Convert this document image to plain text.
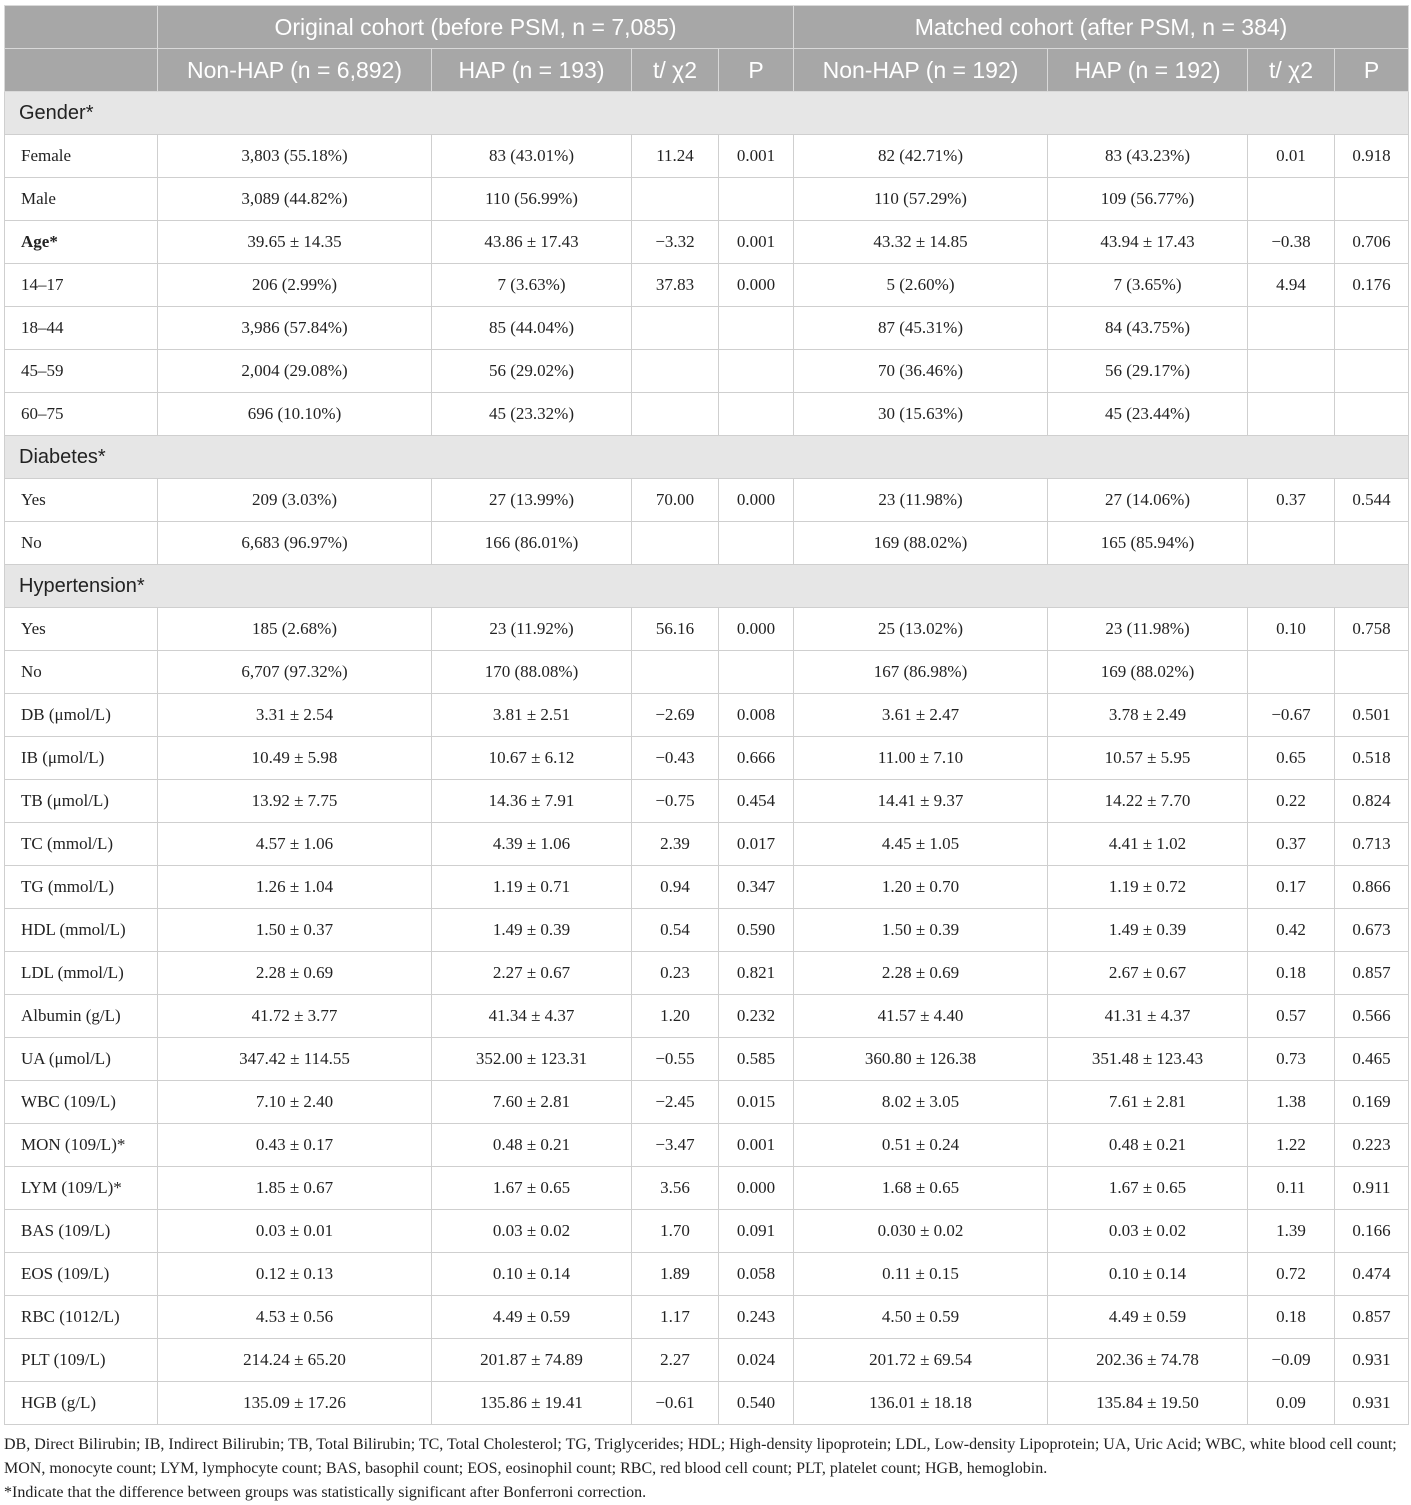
	Original cohort (before PSM, n = 7,085)				Matched cohort (after PSM, n = 384)			
	Non-HAP (n = 6,892)	HAP (n = 193)	t/ χ2	P	Non-HAP (n = 192)	HAP (n = 192)	t/ χ2	P
Gender*								
Female	3,803 (55.18%)	83 (43.01%)	11.24	0.001	82 (42.71%)	83 (43.23%)	0.01	0.918
Male	3,089 (44.82%)	110 (56.99%)			110 (57.29%)	109 (56.77%)		
Age*	39.65 ± 14.35	43.86 ± 17.43	−3.32	0.001	43.32 ± 14.85	43.94 ± 17.43	−0.38	0.706
14–17	206 (2.99%)	7 (3.63%)	37.83	0.000	5 (2.60%)	7 (3.65%)	4.94	0.176
18–44	3,986 (57.84%)	85 (44.04%)			87 (45.31%)	84 (43.75%)		
45–59	2,004 (29.08%)	56 (29.02%)			70 (36.46%)	56 (29.17%)		
60–75	696 (10.10%)	45 (23.32%)			30 (15.63%)	45 (23.44%)		
Diabetes*								
Yes	209 (3.03%)	27 (13.99%)	70.00	0.000	23 (11.98%)	27 (14.06%)	0.37	0.544
No	6,683 (96.97%)	166 (86.01%)			169 (88.02%)	165 (85.94%)		
Hypertension*								
Yes	185 (2.68%)	23 (11.92%)	56.16	0.000	25 (13.02%)	23 (11.98%)	0.10	0.758
No	6,707 (97.32%)	170 (88.08%)			167 (86.98%)	169 (88.02%)		
DB (μmol/L)	3.31 ± 2.54	3.81 ± 2.51	−2.69	0.008	3.61 ± 2.47	3.78 ± 2.49	−0.67	0.501
IB (μmol/L)	10.49 ± 5.98	10.67 ± 6.12	−0.43	0.666	11.00 ± 7.10	10.57 ± 5.95	0.65	0.518
TB (μmol/L)	13.92 ± 7.75	14.36 ± 7.91	−0.75	0.454	14.41 ± 9.37	14.22 ± 7.70	0.22	0.824
TC (mmol/L)	4.57 ± 1.06	4.39 ± 1.06	2.39	0.017	4.45 ± 1.05	4.41 ± 1.02	0.37	0.713
TG (mmol/L)	1.26 ± 1.04	1.19 ± 0.71	0.94	0.347	1.20 ± 0.70	1.19 ± 0.72	0.17	0.866
HDL (mmol/L)	1.50 ± 0.37	1.49 ± 0.39	0.54	0.590	1.50 ± 0.39	1.49 ± 0.39	0.42	0.673
LDL (mmol/L)	2.28 ± 0.69	2.27 ± 0.67	0.23	0.821	2.28 ± 0.69	2.67 ± 0.67	0.18	0.857
Albumin (g/L)	41.72 ± 3.77	41.34 ± 4.37	1.20	0.232	41.57 ± 4.40	41.31 ± 4.37	0.57	0.566
UA (μmol/L)	347.42 ± 114.55	352.00 ± 123.31	−0.55	0.585	360.80 ± 126.38	351.48 ± 123.43	0.73	0.465
WBC (109/L)	7.10 ± 2.40	7.60 ± 2.81	−2.45	0.015	8.02 ± 3.05	7.61 ± 2.81	1.38	0.169
MON (109/L)*	0.43 ± 0.17	0.48 ± 0.21	−3.47	0.001	0.51 ± 0.24	0.48 ± 0.21	1.22	0.223
LYM (109/L)*	1.85 ± 0.67	1.67 ± 0.65	3.56	0.000	1.68 ± 0.65	1.67 ± 0.65	0.11	0.911
BAS (109/L)	0.03 ± 0.01	0.03 ± 0.02	1.70	0.091	0.030 ± 0.02	0.03 ± 0.02	1.39	0.166
EOS (109/L)	0.12 ± 0.13	0.10 ± 0.14	1.89	0.058	0.11 ± 0.15	0.10 ± 0.14	0.72	0.474
RBC (1012/L)	4.53 ± 0.56	4.49 ± 0.59	1.17	0.243	4.50 ± 0.59	4.49 ± 0.59	0.18	0.857
PLT (109/L)	214.24 ± 65.20	201.87 ± 74.89	2.27	0.024	201.72 ± 69.54	202.36 ± 74.78	−0.09	0.931
HGB (g/L)	135.09 ± 17.26	135.86 ± 19.41	−0.61	0.540	136.01 ± 18.18	135.84 ± 19.50	0.09	0.931
DB, Direct Bilirubin; IB, Indirect Bilirubin; TB, Total Bilirubin; TC, Total Cholesterol; TG, Triglycerides; HDL; High-density lipoprotein; LDL, Low-density Lipoprotein; UA, Uric Acid; WBC, white blood cell count; MON, monocyte count; LYM, lymphocyte count; BAS, basophil count; EOS, eosinophil count; RBC, red blood cell count; PLT, platelet count; HGB, hemoglobin.
*Indicate that the difference between groups was statistically significant after Bonferroni correction.
